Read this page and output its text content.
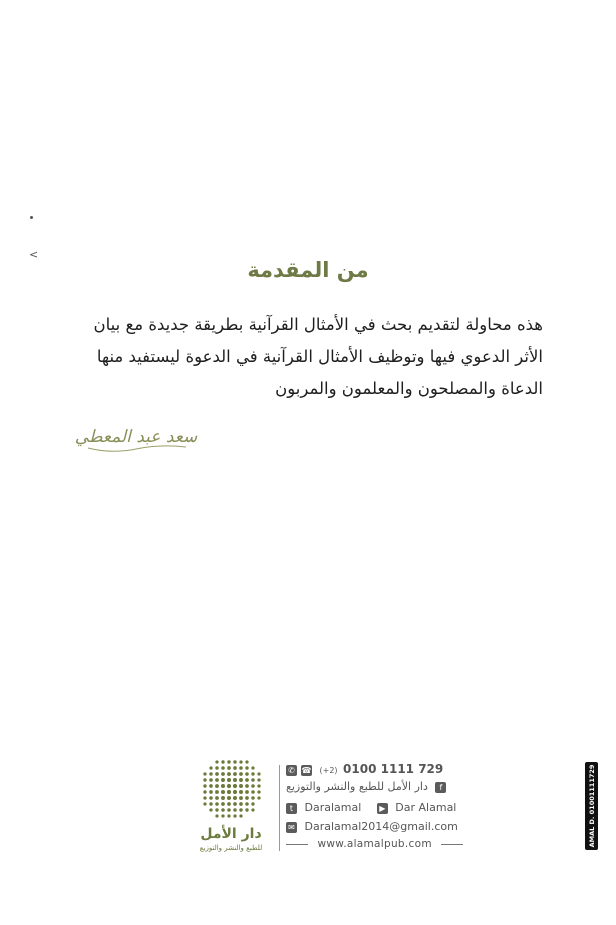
<
من المقدمة
هذه محاولة لتقديم بحث في الأمثال القرآنية بطريقة جديدة مع بيان
الأثر الدعوي فيها وتوظيف الأمثال القرآنية في الدعوة ليستفيد منها
الدعاة والمصلحون والمعلمون والمربون
سعد عبد المعطي
دار الأمل
للطبع والنشر والتوزيع
✆ ☎ (+2) 0100 1111 729
دار الأمل للطبع والنشر والتوزيع f
t Daralamal ▶ Dar Alamal
✉ Daralamal2014@gmail.com
www.alamalpub.com	AMAL D. 01001111729
